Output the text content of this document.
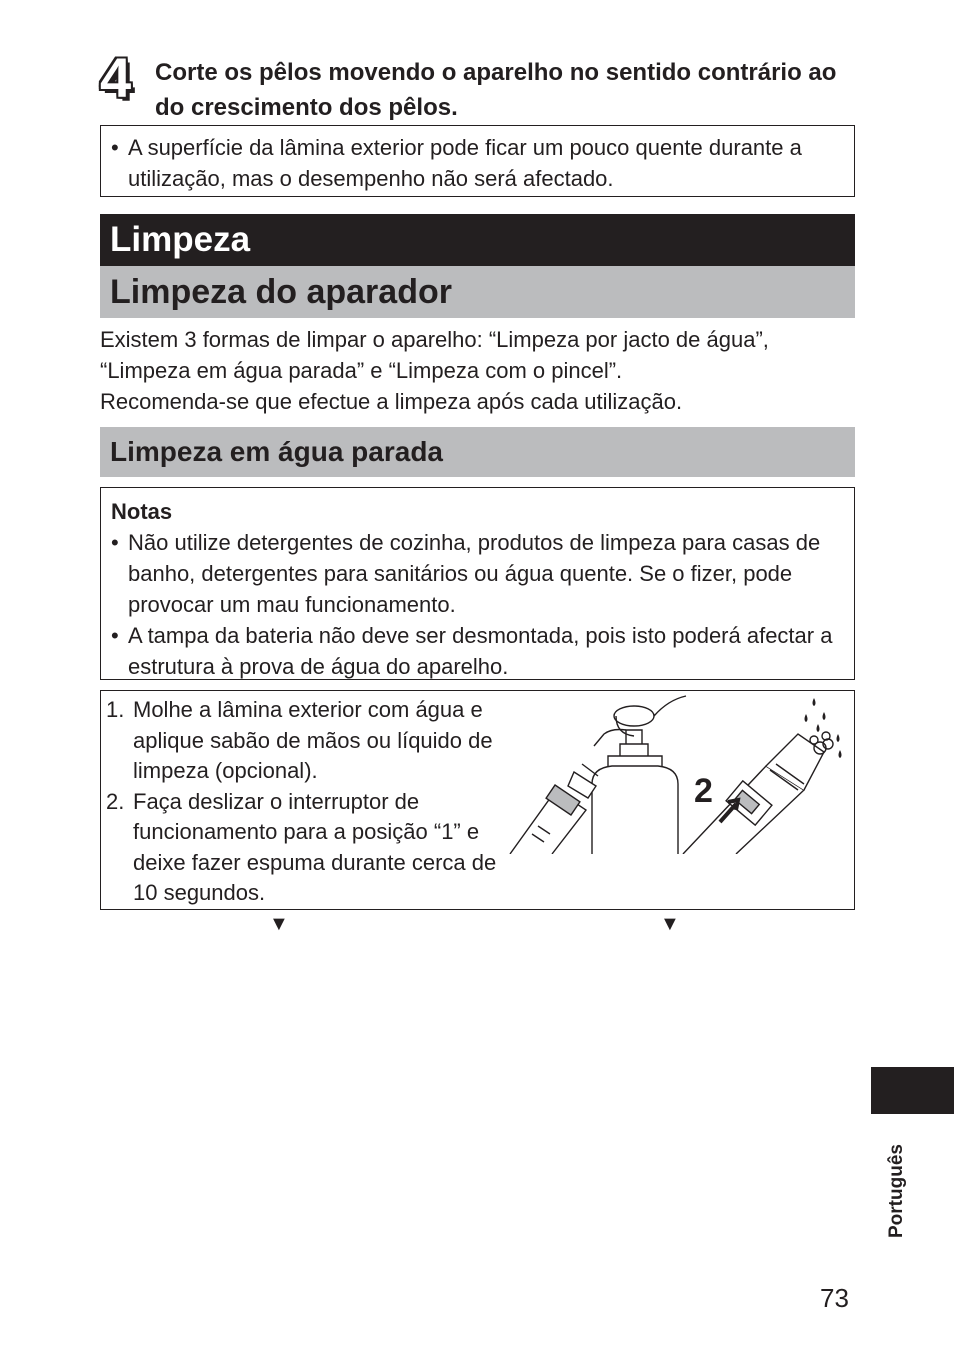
4 Corte os pêlos movendo o aparelho no sentido contrário ao do crescimento dos pêlos.
• A superfície da lâmina exterior pode ficar um pouco quente durante a utilização, mas o desempenho não será afectado.
Limpeza
Limpeza do aparador

Existem 3 formas de limpar o aparelho: “Limpeza por jacto de água”, “Limpeza em água parada” e “Limpeza com o pincel”.

Recomenda-se que efectue a limpeza após cada utilização.

Limpeza em água parada
Notas
• Não utilize detergentes de cozinha, produtos de limpeza para casas de banho, detergentes para sanitários ou água quente. Se o fizer, pode provocar um mau funcionamento.
• A tampa da bateria não deve ser desmontada, pois isto poderá afectar a estrutura à prova de água do aparelho.
1. Molhe a lâmina exterior com água e aplique sabão de mãos ou líquido de limpeza (opcional).
2. Faça deslizar o interruptor de funcionamento para a posição “1” e deixe fazer espuma durante cerca de 10 segundos.
2
▼	▼
Português
73
